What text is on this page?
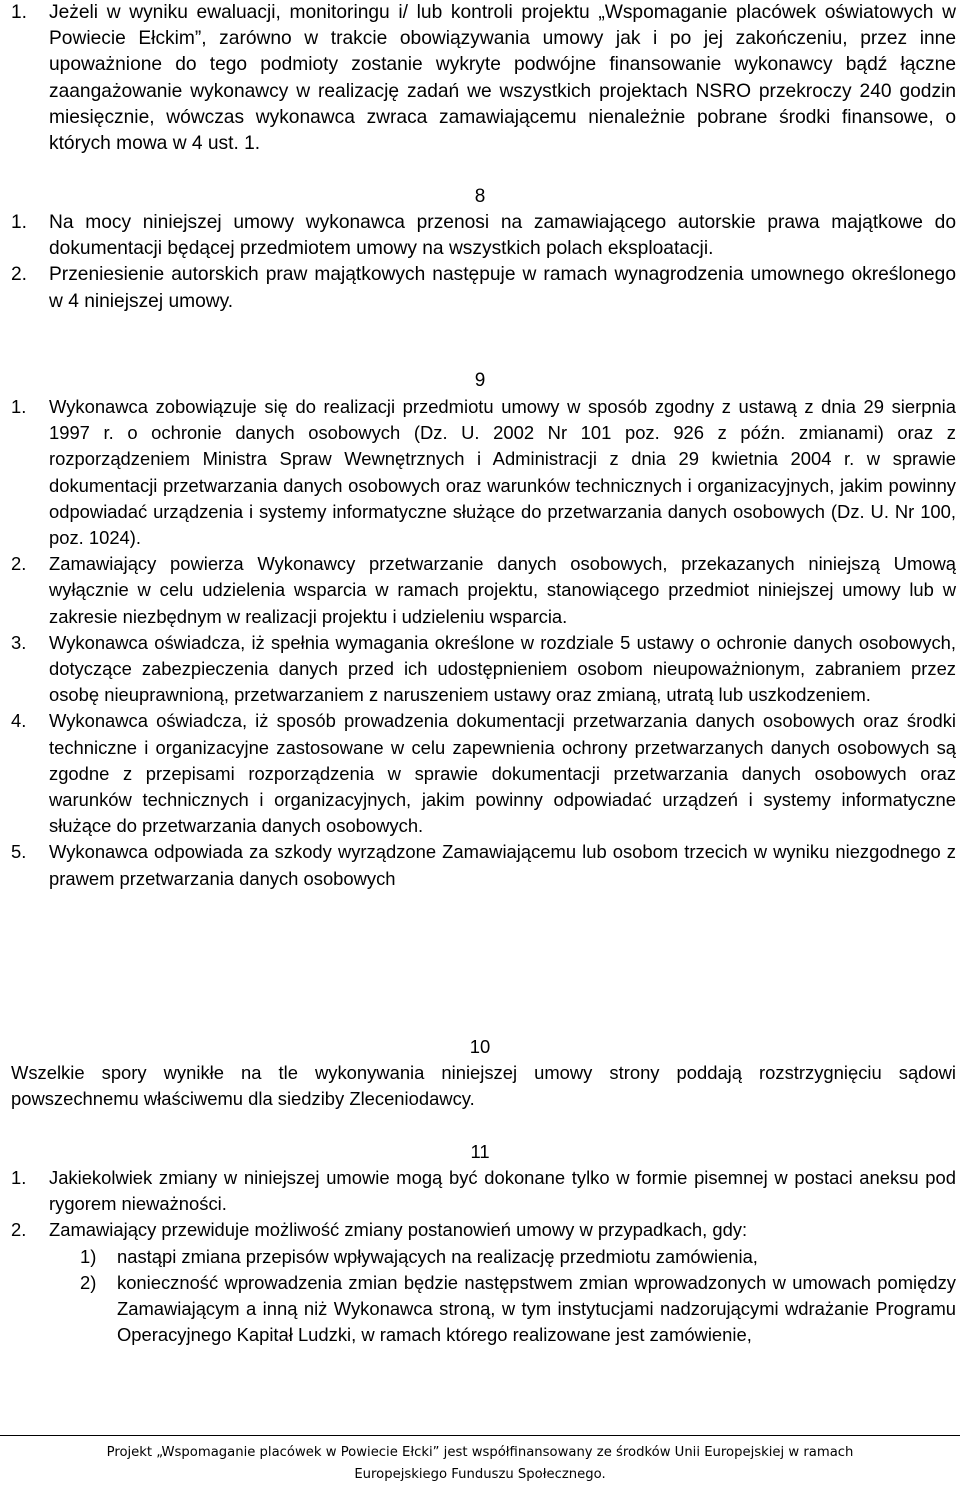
1. Jeżeli w wyniku ewaluacji, monitoringu i/ lub kontroli projektu „Wspomaganie placówek oświatowych w Powiecie Ełckim”, zarówno w trakcie obowiązywania umowy jak i po jej zakończeniu, przez inne upoważnione do tego podmioty zostanie wykryte podwójne finansowanie wykonawcy bądź łączne zaangażowanie wykonawcy w realizację zadań we wszystkich projektach NSRO przekroczy 240 godzin miesięcznie, wówczas wykonawca zwraca zamawiającemu nienależnie pobrane środki finansowe, o których mowa w 4 ust. 1.
8
1. Na mocy niniejszej umowy wykonawca przenosi na zamawiającego autorskie prawa majątkowe do dokumentacji będącej przedmiotem umowy na wszystkich polach eksploatacji.
2. Przeniesienie autorskich praw majątkowych następuje w ramach wynagrodzenia umownego określonego w 4 niniejszej umowy.
9
1. Wykonawca zobowiązuje się do realizacji przedmiotu umowy w sposób zgodny z ustawą z dnia 29 sierpnia 1997 r. o ochronie danych osobowych (Dz. U. 2002 Nr 101 poz. 926 z późn. zmianami) oraz z rozporządzeniem Ministra Spraw Wewnętrznych i Administracji z dnia 29 kwietnia 2004 r. w sprawie dokumentacji przetwarzania danych osobowych oraz warunków technicznych i organizacyjnych, jakim powinny odpowiadać urządzenia i systemy informatyczne służące do przetwarzania danych osobowych (Dz. U. Nr 100, poz. 1024).
2. Zamawiający powierza Wykonawcy przetwarzanie danych osobowych, przekazanych niniejszą Umową wyłącznie w celu udzielenia wsparcia w ramach projektu, stanowiącego przedmiot niniejszej umowy lub w zakresie niezbędnym w realizacji projektu i udzieleniu wsparcia.
3. Wykonawca oświadcza, iż spełnia wymagania określone w rozdziale 5 ustawy o ochronie danych osobowych, dotyczące zabezpieczenia danych przed ich udostępnieniem osobom nieupoważnionym, zabraniem przez osobę nieuprawnioną, przetwarzaniem z naruszeniem ustawy oraz zmianą, utratą lub uszkodzeniem.
4. Wykonawca oświadcza, iż sposób prowadzenia dokumentacji przetwarzania danych osobowych oraz środki techniczne i organizacyjne zastosowane w celu zapewnienia ochrony przetwarzanych danych osobowych są zgodne z przepisami rozporządzenia w sprawie dokumentacji przetwarzania danych osobowych oraz warunków technicznych i organizacyjnych, jakim powinny odpowiadać urządzeń i systemy informatyczne służące do przetwarzania danych osobowych.
5. Wykonawca odpowiada za szkody wyrządzone Zamawiającemu lub osobom trzecich w wyniku niezgodnego z prawem przetwarzania danych osobowych
10
Wszelkie spory wynikłe na tle wykonywania niniejszej umowy strony poddają rozstrzygnięciu sądowi powszechnemu właściwemu dla siedziby Zleceniodawcy.
11
1. Jakiekolwiek zmiany w niniejszej umowie mogą być dokonane tylko w formie pisemnej w postaci aneksu pod rygorem nieważności.
2. Zamawiający przewiduje możliwość zmiany postanowień umowy w przypadkach, gdy:
1) nastąpi zmiana przepisów wpływających na realizację przedmiotu zamówienia,
2) konieczność wprowadzenia zmian będzie następstwem zmian wprowadzonych w umowach pomiędzy Zamawiającym a inną niż Wykonawca stroną, w tym instytucjami nadzorującymi wdrażanie Programu Operacyjnego Kapitał Ludzki, w ramach którego realizowane jest zamówienie,
Projekt „Wspomaganie placówek w Powiecie Ełcki” jest współfinansowany ze środków Unii Europejskiej w ramach
Europejskiego Funduszu Społecznego.
